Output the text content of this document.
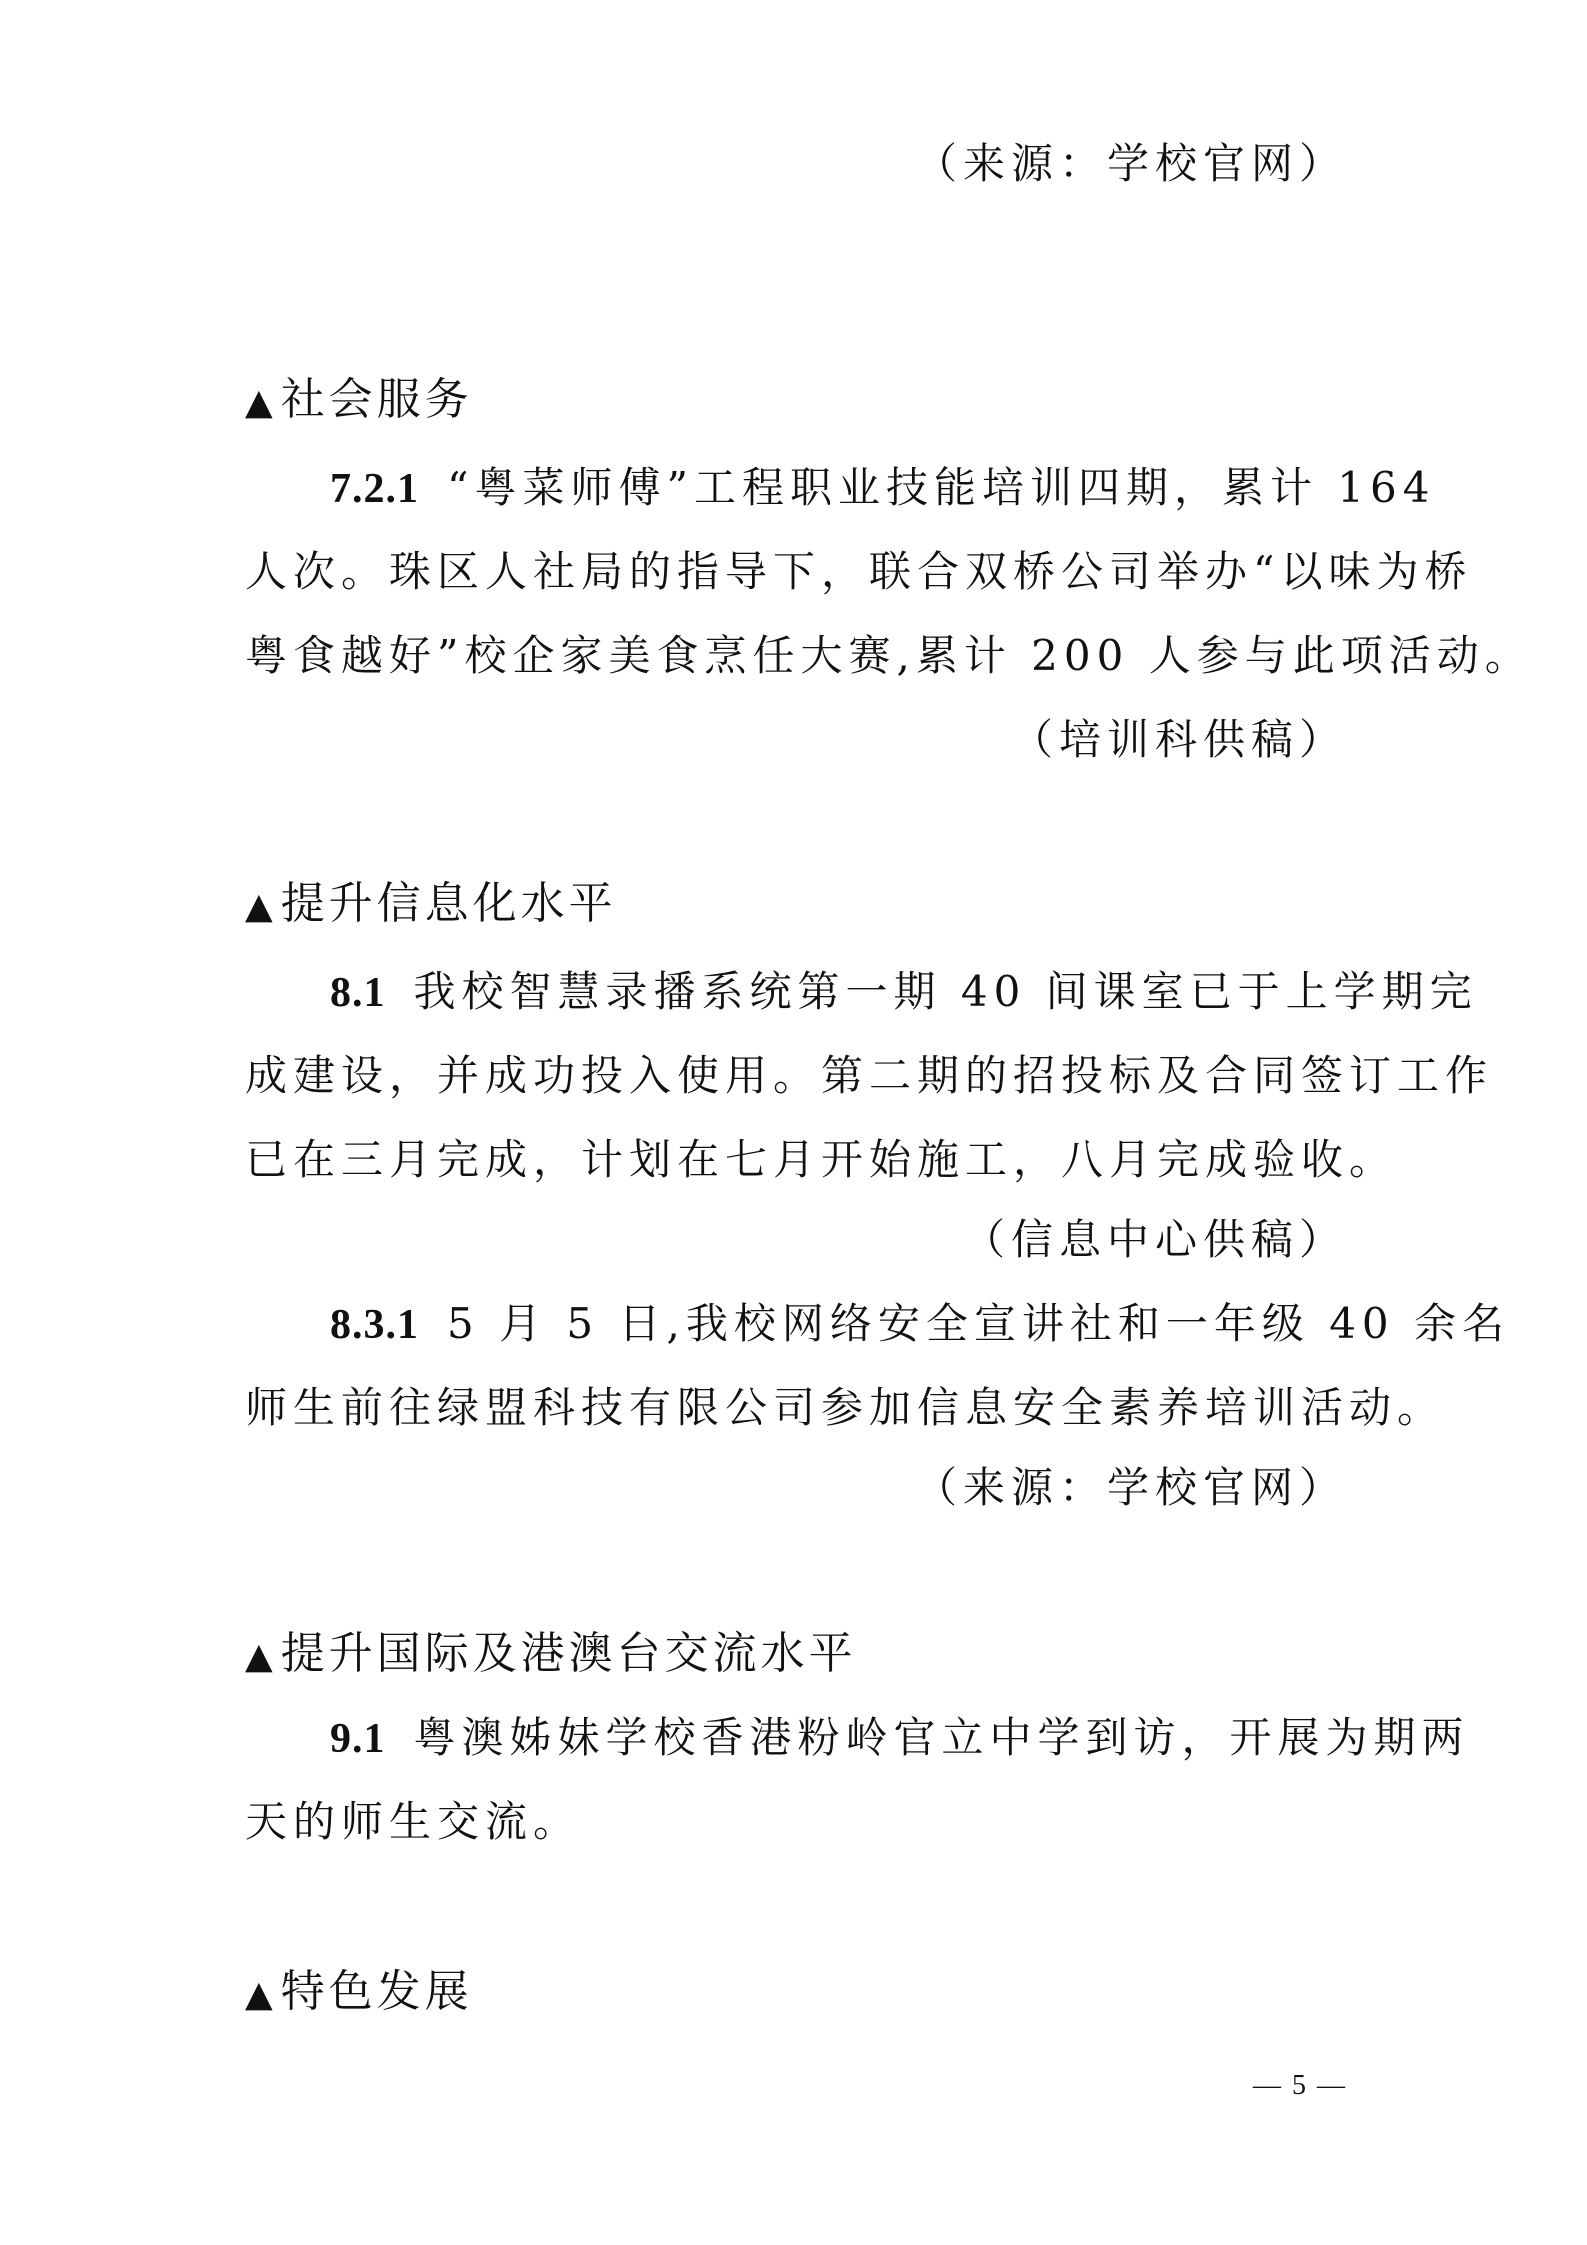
（来源：学校官网）
▲社会服务
7.2.1 “粤菜师傅”工程职业技能培训四期，累计 164
人次。珠区人社局的指导下，联合双桥公司举办“以味为桥
粤食越好”校企家美食烹任大赛,累计 200 人参与此项活动。
（培训科供稿）
▲提升信息化水平
8.1 我校智慧录播系统第一期 40 间课室已于上学期完
成建设，并成功投入使用。第二期的招投标及合同签订工作
已在三月完成，计划在七月开始施工，八月完成验收。
（信息中心供稿）
8.3.1 5 月 5 日,我校网络安全宣讲社和一年级 40 余名
师生前往绿盟科技有限公司参加信息安全素养培训活动。
（来源：学校官网）
▲提升国际及港澳台交流水平
9.1 粤澳姊妹学校香港粉岭官立中学到访，开展为期两
天的师生交流。
▲特色发展
— 5 —
